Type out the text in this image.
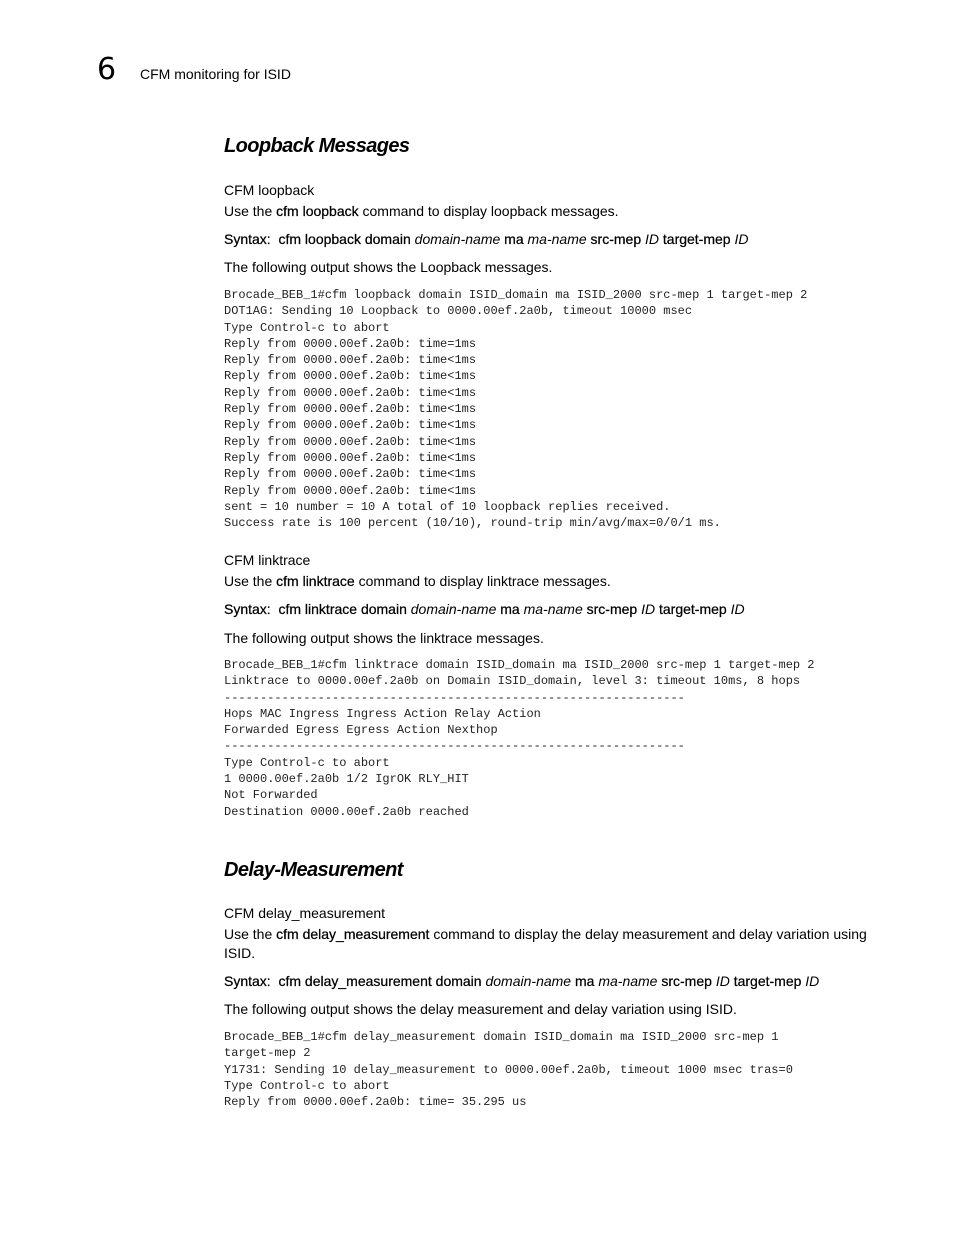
6 CFM monitoring for ISID
Loopback Messages
CFM loopback
Use the cfm loopback command to display loopback messages.
Syntax: cfm loopback domain domain-name ma ma-name src-mep ID target-mep ID
The following output shows the Loopback messages.
Brocade_BEB_1#cfm loopback domain ISID_domain ma ISID_2000 src-mep 1 target-mep 2
DOT1AG: Sending 10 Loopback to 0000.00ef.2a0b, timeout 10000 msec
Type Control-c to abort
Reply from 0000.00ef.2a0b: time=1ms
Reply from 0000.00ef.2a0b: time<1ms
Reply from 0000.00ef.2a0b: time<1ms
Reply from 0000.00ef.2a0b: time<1ms
Reply from 0000.00ef.2a0b: time<1ms
Reply from 0000.00ef.2a0b: time<1ms
Reply from 0000.00ef.2a0b: time<1ms
Reply from 0000.00ef.2a0b: time<1ms
Reply from 0000.00ef.2a0b: time<1ms
Reply from 0000.00ef.2a0b: time<1ms
sent = 10 number = 10 A total of 10 loopback replies received.
Success rate is 100 percent (10/10), round-trip min/avg/max=0/0/1 ms.
CFM linktrace
Use the cfm linktrace command to display linktrace messages.
Syntax: cfm linktrace domain domain-name ma ma-name src-mep ID target-mep ID
The following output shows the linktrace messages.
Brocade_BEB_1#cfm linktrace domain ISID_domain ma ISID_2000 src-mep 1 target-mep 2
Linktrace to 0000.00ef.2a0b on Domain ISID_domain, level 3: timeout 10ms, 8 hops
----------------------------------------------------------------
Hops MAC Ingress Ingress Action Relay Action
Forwarded Egress Egress Action Nexthop
----------------------------------------------------------------
Type Control-c to abort
1 0000.00ef.2a0b 1/2 IgrOK RLY_HIT
Not Forwarded
Destination 0000.00ef.2a0b reached
Delay-Measurement
CFM delay_measurement
Use the cfm delay_measurement command to display the delay measurement and delay variation using ISID.
Syntax: cfm delay_measurement domain domain-name ma ma-name src-mep ID target-mep ID
The following output shows the delay measurement and delay variation using ISID.
Brocade_BEB_1#cfm delay_measurement domain ISID_domain ma ISID_2000 src-mep 1
target-mep 2
Y1731: Sending 10 delay_measurement to 0000.00ef.2a0b, timeout 1000 msec tras=0
Type Control-c to abort
Reply from 0000.00ef.2a0b: time= 35.295 us
